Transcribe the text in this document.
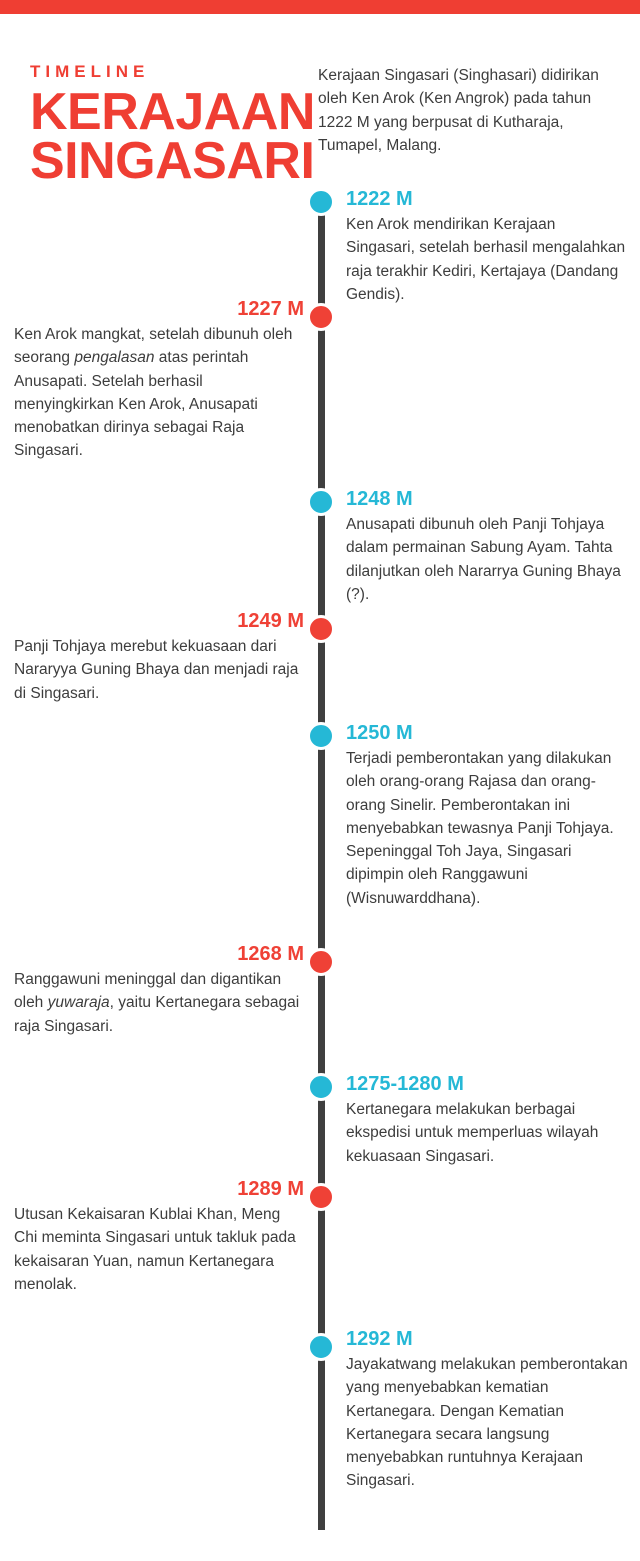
TIMELINE
KERAJAAN
SINGASARI
Kerajaan Singasari (Singhasari) didirikan oleh Ken Arok (Ken Angrok) pada tahun 1222 M yang berpusat di Kutharaja, Tumapel, Malang.
1222 M
Ken Arok mendirikan Kerajaan Singasari, setelah berhasil mengalahkan raja terakhir Kediri, Kertajaya (Dandang Gendis).
1227 M
Ken Arok mangkat, setelah dibunuh oleh seorang pengalasan atas perintah Anusapati. Setelah berhasil menyingkirkan Ken Arok, Anusapati menobatkan dirinya sebagai Raja Singasari.
1248 M
Anusapati dibunuh oleh Panji Tohjaya dalam permainan Sabung Ayam. Tahta dilanjutkan oleh Nararrya Guning Bhaya (?).
1249 M
Panji Tohjaya merebut kekuasaan dari Nararyya Guning Bhaya dan menjadi raja di Singasari.
1250 M
Terjadi pemberontakan yang dilakukan oleh orang-orang Rajasa dan orang-orang Sinelir. Pemberontakan ini menyebabkan tewasnya Panji Tohjaya. Sepeninggal Toh Jaya, Singasari dipimpin oleh Ranggawuni (Wisnuwarddhana).
1268 M
Ranggawuni meninggal dan digantikan oleh yuwaraja, yaitu Kertanegara sebagai raja Singasari.
1275-1280 M
Kertanegara melakukan berbagai ekspedisi untuk memperluas wilayah kekuasaan Singasari.
1289 M
Utusan Kekaisaran Kublai Khan, Meng Chi meminta Singasari untuk takluk pada kekaisaran Yuan, namun Kertanegara menolak.
1292 M
Jayakatwang melakukan pemberontakan yang menyebabkan kematian Kertanegara. Dengan Kematian Kertanegara secara langsung menyebabkan runtuhnya Kerajaan Singasari.
